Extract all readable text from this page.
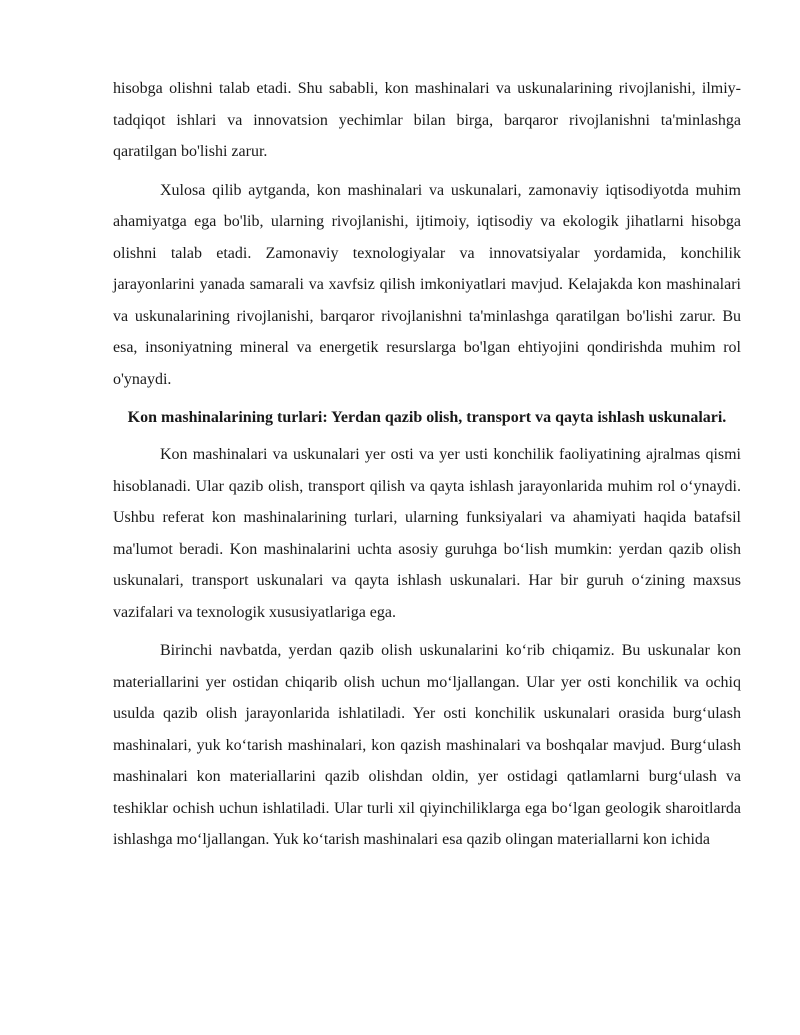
hisobga olishni talab etadi. Shu sababli, kon mashinalari va uskunalarining rivojlanishi, ilmiy-tadqiqot ishlari va innovatsion yechimlar bilan birga, barqaror rivojlanishni ta'minlashga qaratilgan bo'lishi zarur.

Xulosa qilib aytganda, kon mashinalari va uskunalari, zamonaviy iqtisodiyotda muhim ahamiyatga ega bo'lib, ularning rivojlanishi, ijtimoiy, iqtisodiy va ekologik jihatlarni hisobga olishni talab etadi. Zamonaviy texnologiyalar va innovatsiyalar yordamida, konchilik jarayonlarini yanada samarali va xavfsiz qilish imkoniyatlari mavjud. Kelajakda kon mashinalari va uskunalarining rivojlanishi, barqaror rivojlanishni ta'minlashga qaratilgan bo'lishi zarur. Bu esa, insoniyatning mineral va energetik resurslarga bo'lgan ehtiyojini qondirishda muhim rol o'ynaydi.

Kon mashinalarining turlari: Yerdan qazib olish, transport va qayta ishlash uskunalari.

Kon mashinalari va uskunalari yer osti va yer usti konchilik faoliyatining ajralmas qismi hisoblanadi. Ular qazib olish, transport qilish va qayta ishlash jarayonlarida muhim rol o‘ynaydi. Ushbu referat kon mashinalarining turlari, ularning funksiyalari va ahamiyati haqida batafsil ma'lumot beradi. Kon mashinalarini uchta asosiy guruhga bo‘lish mumkin: yerdan qazib olish uskunalari, transport uskunalari va qayta ishlash uskunalari. Har bir guruh o‘zining maxsus vazifalari va texnologik xususiyatlariga ega.

Birinchi navbatda, yerdan qazib olish uskunalarini ko‘rib chiqamiz. Bu uskunalar kon materiallarini yer ostidan chiqarib olish uchun mo‘ljallangan. Ular yer osti konchilik va ochiq usulda qazib olish jarayonlarida ishlatiladi. Yer osti konchilik uskunalari orasida burg‘ulash mashinalari, yuk ko‘tarish mashinalari, kon qazish mashinalari va boshqalar mavjud. Burg‘ulash mashinalari kon materiallarini qazib olishdan oldin, yer ostidagi qatlamlarni burg‘ulash va teshiklar ochish uchun ishlatiladi. Ular turli xil qiyinchiliklarga ega bo‘lgan geologik sharoitlarda ishlashga mo‘ljallangan. Yuk ko‘tarish mashinalari esa qazib olingan materiallarni kon ichida
